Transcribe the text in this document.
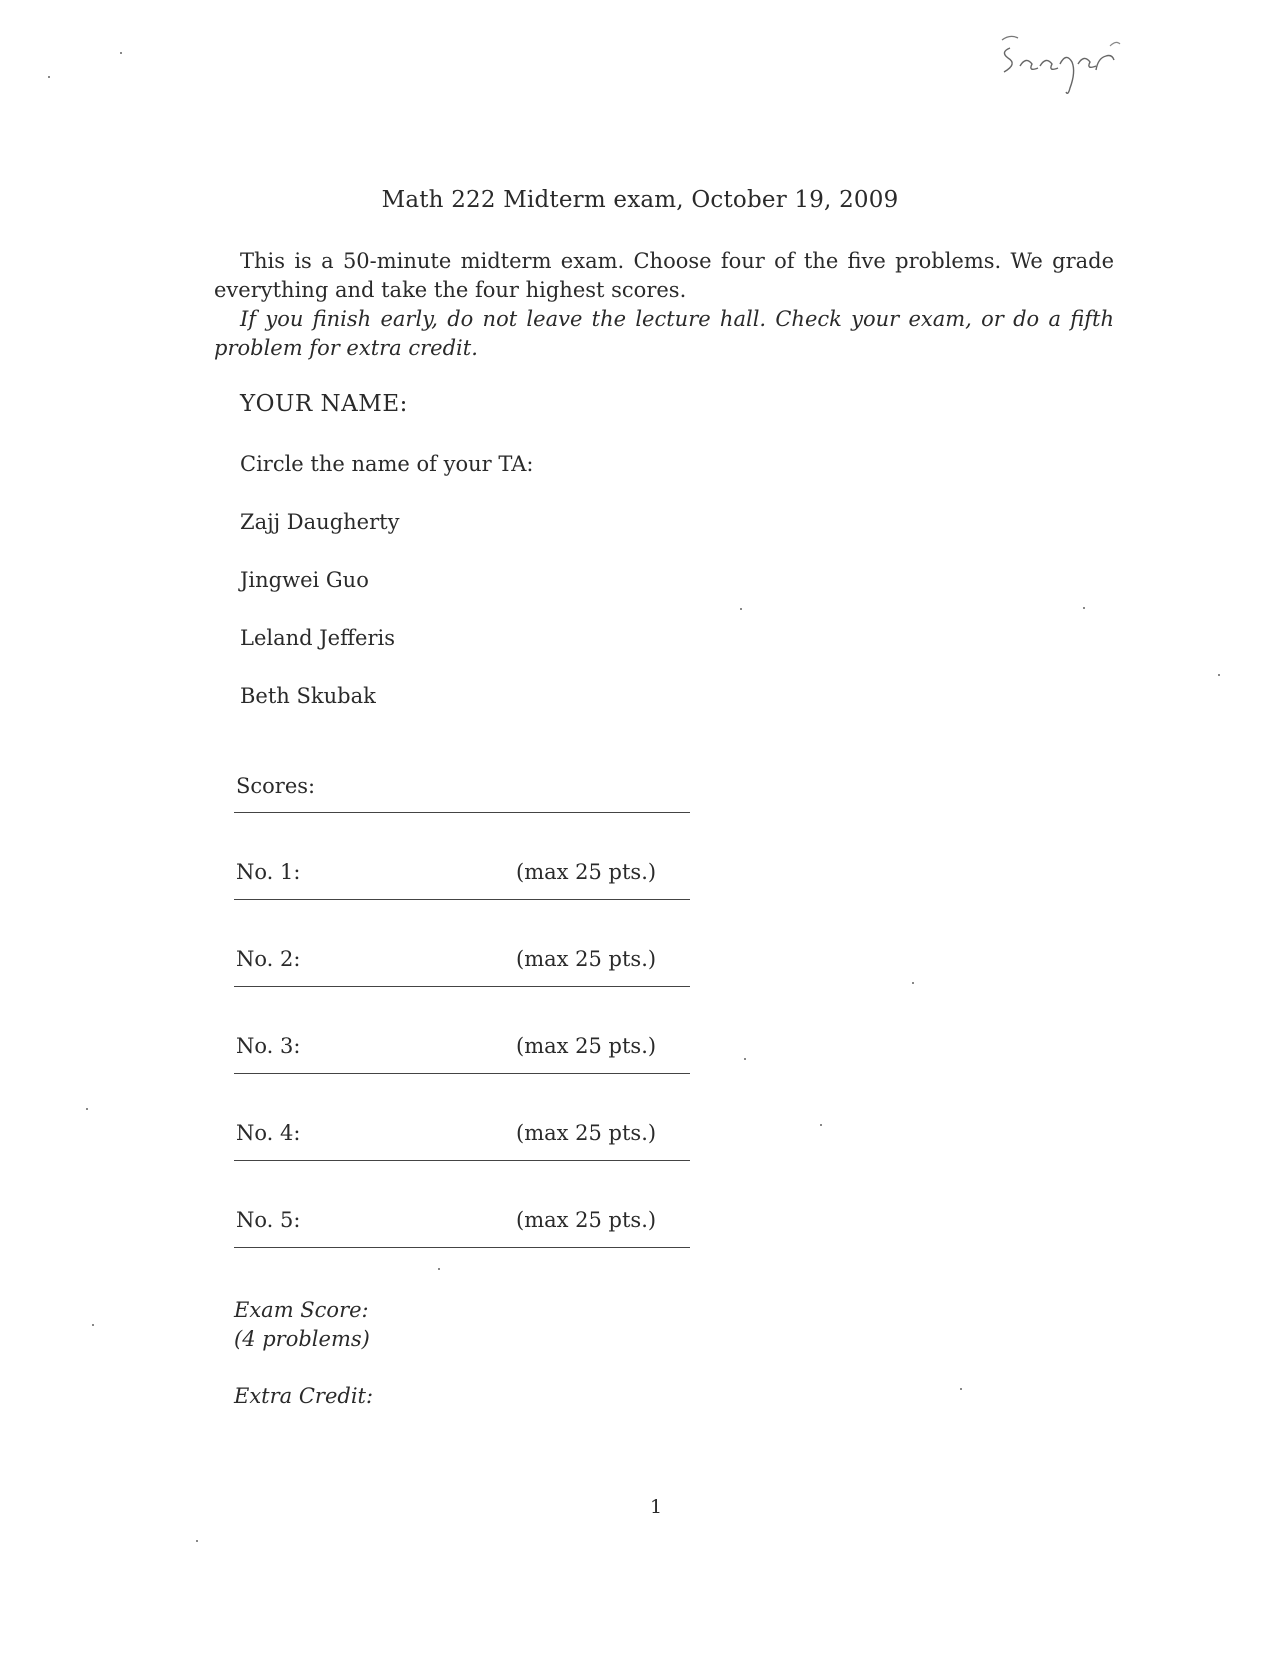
Math 222 Midterm exam, October 19, 2009

This is a 50-minute midterm exam. Choose four of the five problems. We grade everything and take the four highest scores.

If you finish early, do not leave the lecture hall. Check your exam, or do a fifth problem for extra credit.

YOUR NAME:
Circle the name of your TA:
Zajj Daugherty
Jingwei Guo
Leland Jefferis
Beth Skubak
Scores:
No. 1:	(max 25 pts.)
No. 2:	(max 25 pts.)
No. 3:	(max 25 pts.)
No. 4:	(max 25 pts.)
No. 5:	(max 25 pts.)
Exam Score:
(4 problems)
Extra Credit:
1
